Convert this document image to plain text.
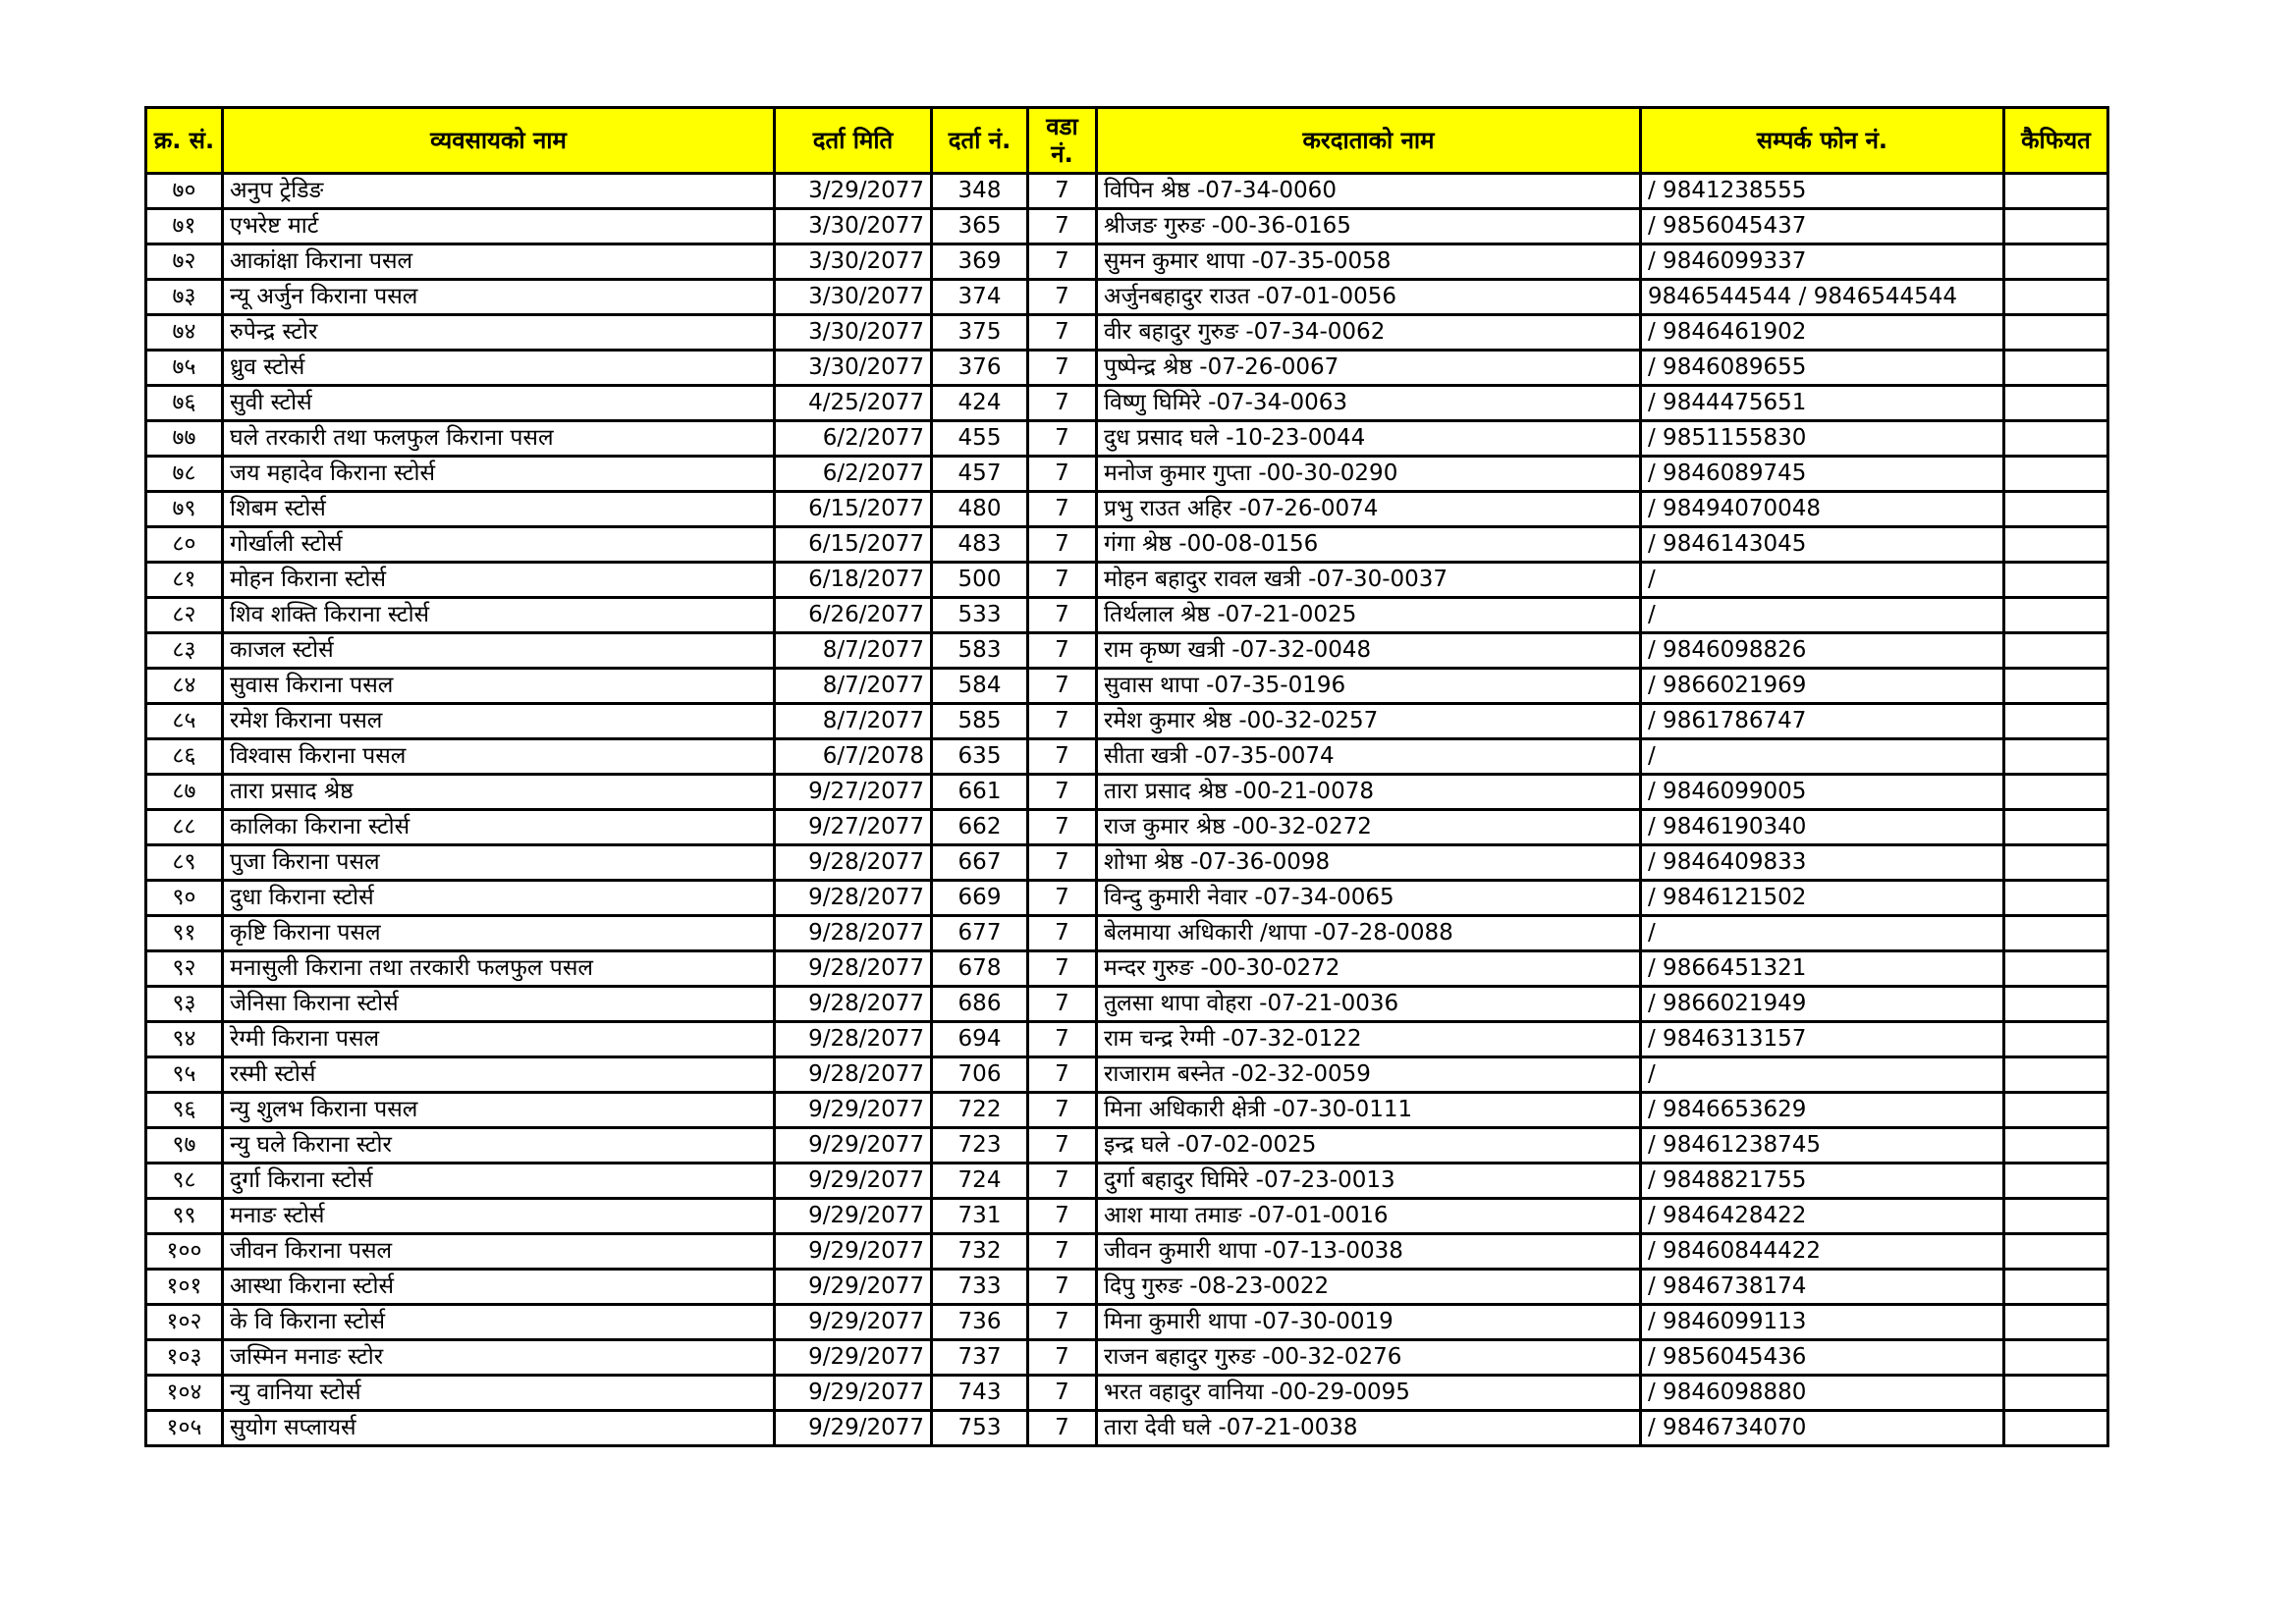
क्र. सं.	व्यवसायको नाम	दर्ता मिति	दर्ता नं.	वडा नं.	करदाताको नाम	सम्पर्क फोन नं.	कैफियत
७०	अनुप ट्रेडिङ	3/29/2077	348	7	विपिन श्रेष्ठ -07-34-0060	/ 9841238555	
७१	एभरेष्ट मार्ट	3/30/2077	365	7	श्रीजङ गुरुङ -00-36-0165	/ 9856045437	
७२	आकांक्षा किराना पसल	3/30/2077	369	7	सुमन कुमार थापा -07-35-0058	/ 9846099337	
७३	न्यू अर्जुन किराना पसल	3/30/2077	374	7	अर्जुनबहादुर राउत -07-01-0056	9846544544 / 9846544544	
७४	रुपेन्द्र स्टोर	3/30/2077	375	7	वीर बहादुर गुरुङ -07-34-0062	/ 9846461902	
७५	ध्रुव स्टोर्स	3/30/2077	376	7	पुष्पेन्द्र श्रेष्ठ -07-26-0067	/ 9846089655	
७६	सुवी स्टोर्स	4/25/2077	424	7	विष्णु घिमिरे -07-34-0063	/ 9844475651	
७७	घले तरकारी तथा फलफुल किराना पसल	6/2/2077	455	7	दुध प्रसाद घले -10-23-0044	/ 9851155830	
७८	जय महादेव किराना स्टोर्स	6/2/2077	457	7	मनोज कुमार गुप्ता -00-30-0290	/ 9846089745	
७९	शिबम स्टोर्स	6/15/2077	480	7	प्रभु राउत अहिर -07-26-0074	/ 98494070048	
८०	गोर्खाली स्टोर्स	6/15/2077	483	7	गंगा श्रेष्ठ -00-08-0156	/ 9846143045	
८१	मोहन किराना स्टोर्स	6/18/2077	500	7	मोहन बहादुर रावल खत्री -07-30-0037	/	
८२	शिव शक्ति किराना स्टोर्स	6/26/2077	533	7	तिर्थलाल श्रेष्ठ -07-21-0025	/	
८३	काजल स्टोर्स	8/7/2077	583	7	राम कृष्ण खत्री -07-32-0048	/ 9846098826	
८४	सुवास किराना पसल	8/7/2077	584	7	सुवास थापा -07-35-0196	/ 9866021969	
८५	रमेश किराना पसल	8/7/2077	585	7	रमेश कुमार श्रेष्ठ -00-32-0257	/ 9861786747	
८६	विश्वास किराना पसल	6/7/2078	635	7	सीता खत्री -07-35-0074	/	
८७	तारा प्रसाद श्रेष्ठ	9/27/2077	661	7	तारा प्रसाद श्रेष्ठ -00-21-0078	/ 9846099005	
८८	कालिका किराना स्टोर्स	9/27/2077	662	7	राज कुमार श्रेष्ठ -00-32-0272	/ 9846190340	
८९	पुजा किराना पसल	9/28/2077	667	7	शोभा श्रेष्ठ -07-36-0098	/ 9846409833	
९०	दुधा किराना स्टोर्स	9/28/2077	669	7	विन्दु कुमारी नेवार -07-34-0065	/ 9846121502	
९१	कृष्टि किराना पसल	9/28/2077	677	7	बेलमाया अधिकारी /थापा -07-28-0088	/	
९२	मनासुली किराना तथा तरकारी फलफुल पसल	9/28/2077	678	7	मन्दर गुरुङ -00-30-0272	/ 9866451321	
९३	जेनिसा किराना स्टोर्स	9/28/2077	686	7	तुलसा थापा वोहरा -07-21-0036	/ 9866021949	
९४	रेग्मी किराना पसल	9/28/2077	694	7	राम चन्द्र रेग्मी -07-32-0122	/ 9846313157	
९५	रस्मी स्टोर्स	9/28/2077	706	7	राजाराम बस्नेत -02-32-0059	/	
९६	न्यु शुलभ किराना पसल	9/29/2077	722	7	मिना अधिकारी क्षेत्री -07-30-0111	/ 9846653629	
९७	न्यु घले किराना स्टोर	9/29/2077	723	7	इन्द्र घले -07-02-0025	/ 98461238745	
९८	दुर्गा किराना स्टोर्स	9/29/2077	724	7	दुर्गा बहादुर घिमिरे -07-23-0013	/ 9848821755	
९९	मनाङ स्टोर्स	9/29/2077	731	7	आश माया तमाङ -07-01-0016	/ 9846428422	
१००	जीवन किराना पसल	9/29/2077	732	7	जीवन कुमारी थापा -07-13-0038	/ 98460844422	
१०१	आस्था किराना स्टोर्स	9/29/2077	733	7	दिपु गुरुङ -08-23-0022	/ 9846738174	
१०२	के वि किराना स्टोर्स	9/29/2077	736	7	मिना कुमारी थापा -07-30-0019	/ 9846099113	
१०३	जस्मिन मनाङ स्टोर	9/29/2077	737	7	राजन बहादुर गुरुङ -00-32-0276	/ 9856045436	
१०४	न्यु वानिया स्टोर्स	9/29/2077	743	7	भरत वहादुर वानिया -00-29-0095	/ 9846098880	
१०५	सुयोग सप्लायर्स	9/29/2077	753	7	तारा देवी घले -07-21-0038	/ 9846734070	
